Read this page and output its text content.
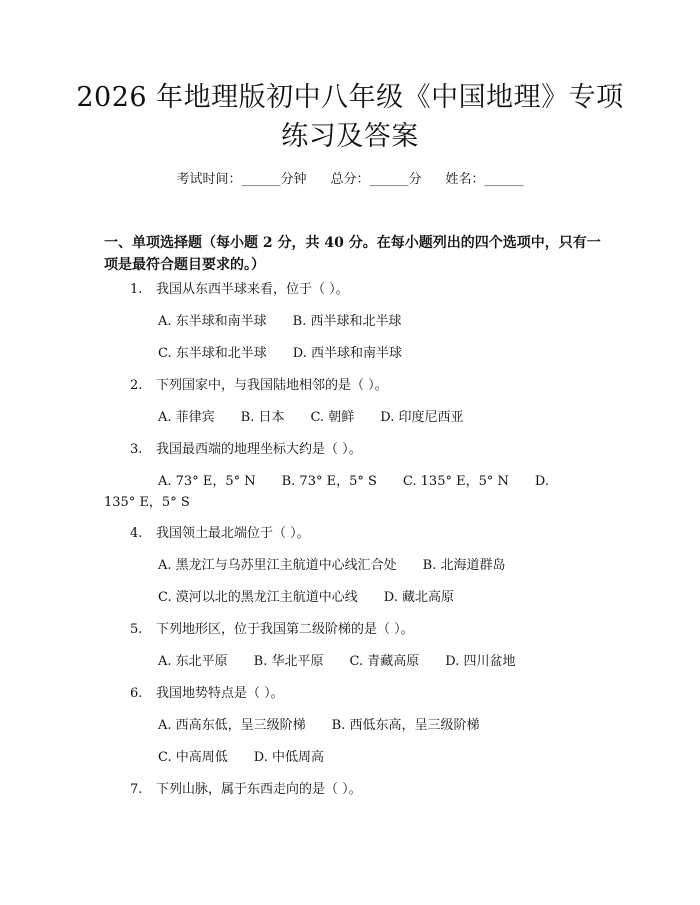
2026 年地理版初中八年级《中国地理》专项
练习及答案
考试时间：______分钟 总分：______分 姓名：______
一、单项选择题（每小题 2 分，共 40 分。在每小题列出的四个选项中，只有一项是最符合题目要求的。）
1. 我国从东西半球来看，位于（ ）。
A. 东半球和南半球 B. 西半球和北半球
C. 东半球和北半球 D. 西半球和南半球
2. 下列国家中，与我国陆地相邻的是（ ）。
A. 菲律宾 B. 日本 C. 朝鲜 D. 印度尼西亚
3. 我国最西端的地理坐标大约是（ ）。
A. 73° E，5° N B. 73° E，5° S C. 135° E，5° N D.
135° E，5° S
4. 我国领土最北端位于（ ）。
A. 黑龙江与乌苏里江主航道中心线汇合处 B. 北海道群岛
C. 漠河以北的黑龙江主航道中心线 D. 藏北高原
5. 下列地形区，位于我国第二级阶梯的是（ ）。
A. 东北平原 B. 华北平原 C. 青藏高原 D. 四川盆地
6. 我国地势特点是（ ）。
A. 西高东低，呈三级阶梯 B. 西低东高，呈三级阶梯
C. 中高周低 D. 中低周高
7. 下列山脉，属于东西走向的是（ ）。
